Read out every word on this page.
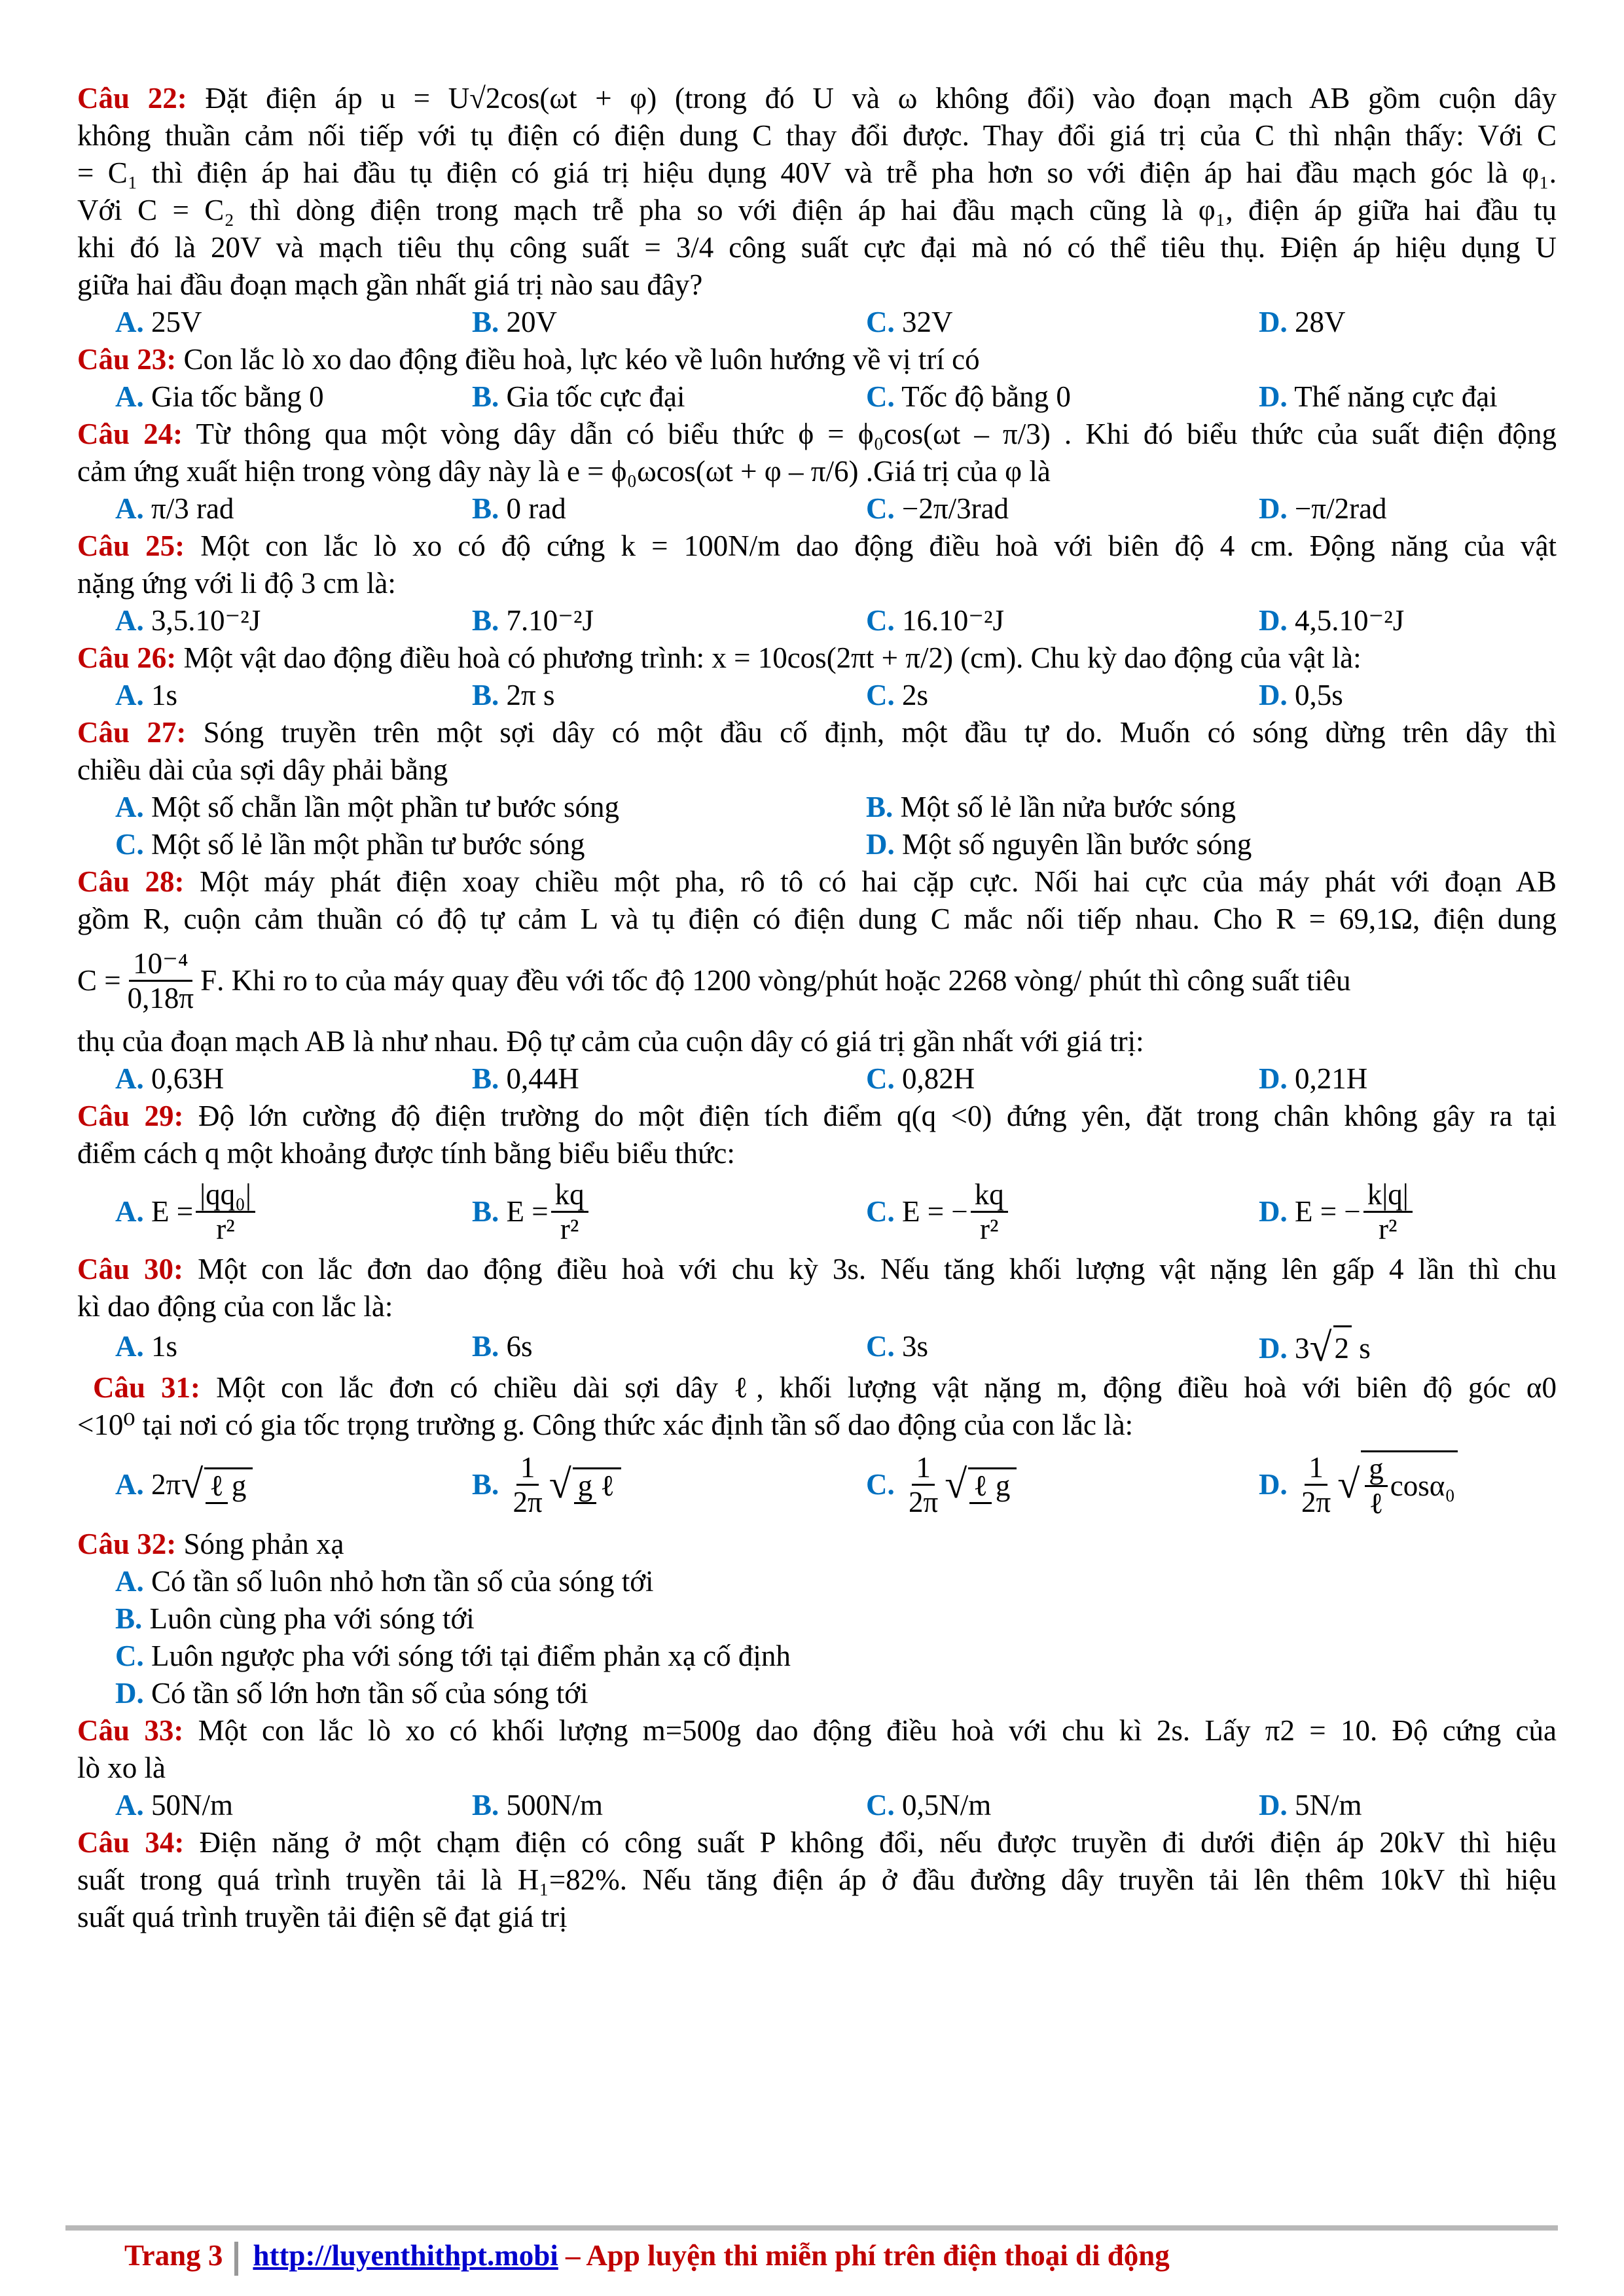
Câu 22: Đặt điện áp u = U√2cos(ωt + φ) (trong đó U và ω không đổi) vào đoạn mạch AB gồm cuộn dây
không thuần cảm nối tiếp với tụ điện có điện dung C thay đổi được. Thay đổi giá trị của C thì nhận thấy: Với C
= C₁ thì điện áp hai đầu tụ điện có giá trị hiệu dụng 40V và trễ pha hơn so với điện áp hai đầu mạch góc là φ₁.
Với C = C₂ thì dòng điện trong mạch trễ pha so với điện áp hai đầu mạch cũng là φ₁, điện áp giữa hai đầu tụ
khi đó là 20V và mạch tiêu thụ công suất = 3/4 công suất cực đại mà nó có thể tiêu thụ. Điện áp hiệu dụng U
giữa hai đầu đoạn mạch gần nhất giá trị nào sau đây?
A. 25V	B. 20V	C. 32V	D. 28V
Câu 23: Con lắc lò xo dao động điều hoà, lực kéo về luôn hướng về vị trí có
A. Gia tốc bằng 0	B. Gia tốc cực đại	C. Tốc độ bằng 0	D. Thế năng cực đại
Câu 24: Từ thông qua một vòng dây dẫn có biểu thức ϕ = ϕ₀cos(ωt – π/3) . Khi đó biểu thức của suất điện động
cảm ứng xuất hiện trong vòng dây này là e = ϕ₀ωcos(ωt + φ – π/6) .Giá trị của φ là
A. π/3 rad	B. 0 rad	C. −2π/3rad	D. −π/2rad
Câu 25: Một con lắc lò xo có độ cứng k = 100N/m dao động điều hoà với biên độ 4 cm. Động năng của vật
nặng ứng với li độ 3 cm là:
A. 3,5.10⁻²J	B. 7.10⁻²J	C. 16.10⁻²J	D. 4,5.10⁻²J
Câu 26: Một vật dao động điều hoà có phương trình: x = 10cos(2πt + π/2) (cm). Chu kỳ dao động của vật là:
A. 1s	B. 2π s	C. 2s	D. 0,5s
Câu 27: Sóng truyền trên một sợi dây có một đầu cố định, một đầu tự do. Muốn có sóng dừng trên dây thì
chiều dài của sợi dây phải bằng
A. Một số chẵn lần một phần tư bước sóng	B. Một số lẻ lần nửa bước sóng
C. Một số lẻ lần một phần tư bước sóng	D. Một số nguyên lần bước sóng
Câu 28: Một máy phát điện xoay chiều một pha, rô tô có hai cặp cực. Nối hai cực của máy phát với đoạn AB
gồm R, cuộn cảm thuần có độ tự cảm L và tụ điện có điện dung C mắc nối tiếp nhau. Cho R = 69,1Ω, điện dung
$C = \frac{\text{10⁻⁴}}{0,18\pi}$ F . Khi ro to của máy quay đều với tốc độ 1200 vòng/phút hoặc 2268 vòng/ phút thì công suất tiêu
thụ của đoạn mạch AB là như nhau. Độ tự cảm của cuộn dây có giá trị gần nhất với giá trị:
A. 0,63H	B. 0,44H	C. 0,82H	D. 0,21H
Câu 29: Độ lớn cường độ điện trường do một điện tích điểm q(q <0) đứng yên, đặt trong chân không gây ra tại
điểm cách q một khoảng được tính bằng biểu biểu thức:
A.
$E = \frac{\text{|qq₀|}}{\text{r²}}$	B.
$E = \frac{kq}{\text{r²}}$	C.
E = − $\frac{kq}{\text{r²}}$	D.
E = − $\frac{k|q|}{\text{r²}}$
Câu 30: Một con lắc đơn dao động điều hoà với chu kỳ 3s. Nếu tăng khối lượng vật nặng lên gấp 4 lần thì chu
kì dao động của con lắc là:
A. 1s	B. 6s	C. 3s	D. 3√2 s
Câu 31: Một con lắc đơn có chiều dài sợi dây ℓ, khối lượng vật nặng m, động điều hoà với biên độ góc α0
<10⁰ tại nơi có gia tốc trọng trường g. Công thức xác định tần số dao động của con lắc là:
A.
2π √ ℓ g	B.
$\frac{1}{2\pi}$ √ g ℓ	C.
$\frac{1}{2\pi}$ √ ℓ g	D.
$\frac{1}{2\pi}$ √ $\frac{g}{\text{ℓ}} \cos\alpha_0$
Câu 32: Sóng phản xạ
A. Có tần số luôn nhỏ hơn tần số của sóng tới
B. Luôn cùng pha với sóng tới
C. Luôn ngược pha với sóng tới tại điểm phản xạ cố định
D. Có tần số lớn hơn tần số của sóng tới
Câu 33: Một con lắc lò xo có khối lượng m=500g dao động điều hoà với chu kì 2s. Lấy π2 = 10. Độ cứng của
lò xo là
A. 50N/m	B. 500N/m	C. 0,5N/m	D. 5N/m
Câu 34: Điện năng ở một chạm điện có công suất P không đổi, nếu được truyền đi dưới điện áp 20kV thì hiệu
suất trong quá trình truyền tải là H₁=82%. Nếu tăng điện áp ở đầu đường dây truyền tải lên thêm 10kV thì hiệu
suất quá trình truyền tải điện sẽ đạt giá trị
Trang 3 http://luyenthithpt.mobi – App luyện thi miễn phí trên điện thoại di động
